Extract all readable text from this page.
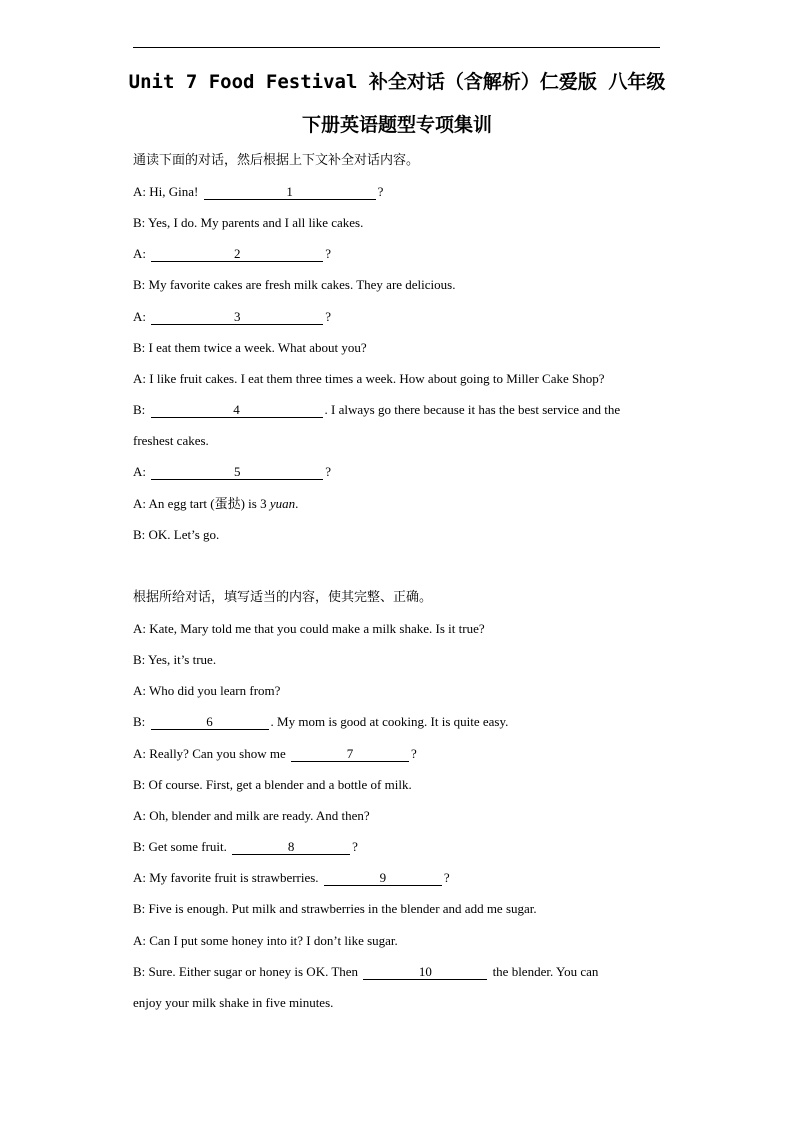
Unit 7 Food Festival 补全对话（含解析）仁爱版 八年级
下册英语题型专项集训
通读下面的对话，然后根据上下文补全对话内容。
A: Hi, Gina!	1	?
B: Yes, I do. My parents and I all like cakes.
A:	2	?
B: My favorite cakes are fresh milk cakes. They are delicious.
A:	3	?
B: I eat them twice a week. What about you?
A: I like fruit cakes. I eat them three times a week. How about going to Miller Cake Shop?
B:	4	. I always go there because it has the best service and the
freshest cakes.
A:	5	?
A: An egg tart (蛋挞) is 3 yuan.
B: OK. Let’s go.
根据所给对话，填写适当的内容，使其完整、正确。
A: Kate, Mary told me that you could make a milk shake. Is it true?
B: Yes, it’s true.
A: Who did you learn from?
B:	6	. My mom is good at cooking. It is quite easy.
A: Really? Can you show me	7	?
B: Of course. First, get a blender and a bottle of milk.
A: Oh, blender and milk are ready. And then?
B: Get some fruit.	8	?
A: My favorite fruit is strawberries.	9	?
B: Five is enough. Put milk and strawberries in the blender and add me sugar.
A: Can I put some honey into it? I don’t like sugar.
B: Sure. Either sugar or honey is OK. Then	10	the blender. You can
enjoy your milk shake in five minutes.
